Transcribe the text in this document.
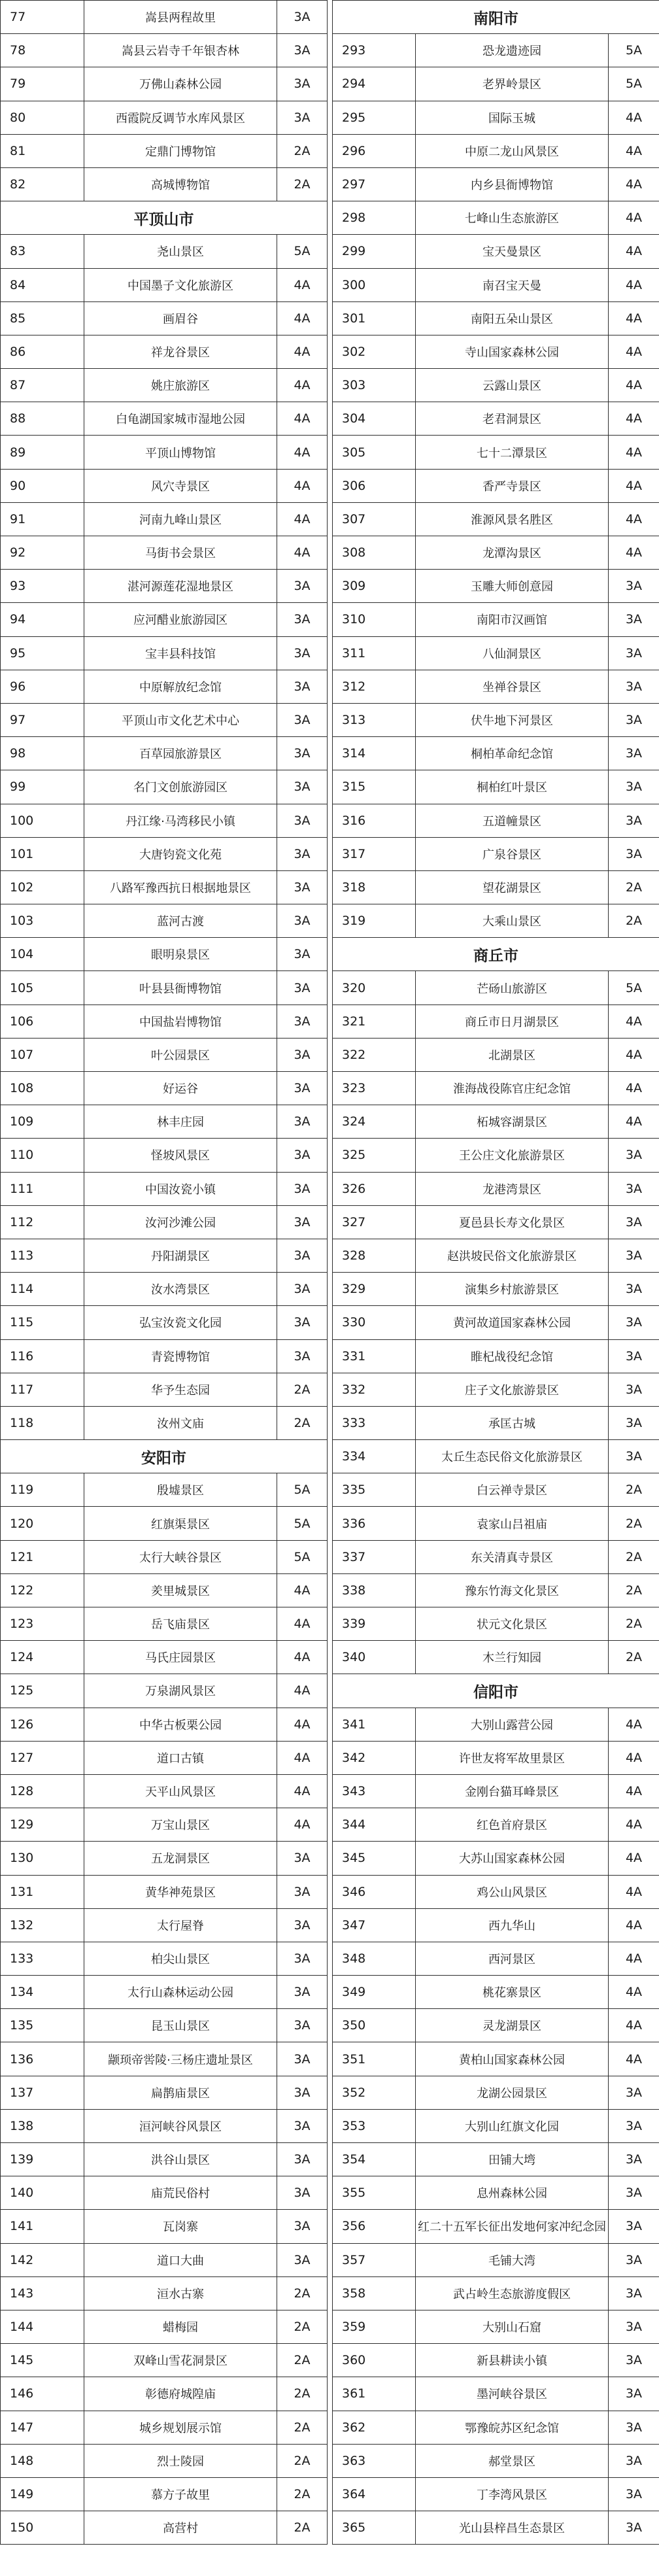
77	嵩县两程故里	3A		南阳市		
78	嵩县云岩寺千年银杏林	3A		293	恐龙遗迹园	5A
79	万佛山森林公园	3A		294	老界岭景区	5A
80	西霞院反调节水库风景区	3A		295	国际玉城	4A
81	定鼎门博物馆	2A		296	中原二龙山风景区	4A
82	高城博物馆	2A		297	内乡县衙博物馆	4A
平顶山市				298	七峰山生态旅游区	4A
83	尧山景区	5A		299	宝天曼景区	4A
84	中国墨子文化旅游区	4A		300	南召宝天曼	4A
85	画眉谷	4A		301	南阳五朵山景区	4A
86	祥龙谷景区	4A		302	寺山国家森林公园	4A
87	姚庄旅游区	4A		303	云露山景区	4A
88	白龟湖国家城市湿地公园	4A		304	老君洞景区	4A
89	平顶山博物馆	4A		305	七十二潭景区	4A
90	风穴寺景区	4A		306	香严寺景区	4A
91	河南九峰山景区	4A		307	淮源风景名胜区	4A
92	马街书会景区	4A		308	龙潭沟景区	4A
93	湛河源莲花湿地景区	3A		309	玉雕大师创意园	3A
94	应河醋业旅游园区	3A		310	南阳市汉画馆	3A
95	宝丰县科技馆	3A		311	八仙洞景区	3A
96	中原解放纪念馆	3A		312	坐禅谷景区	3A
97	平顶山市文化艺术中心	3A		313	伏牛地下河景区	3A
98	百草园旅游景区	3A		314	桐柏革命纪念馆	3A
99	名门文创旅游园区	3A		315	桐柏红叶景区	3A
100	丹江缘·马湾移民小镇	3A		316	五道幢景区	3A
101	大唐钧瓷文化苑	3A		317	广泉谷景区	3A
102	八路军豫西抗日根据地景区	3A		318	望花湖景区	2A
103	蓝河古渡	3A		319	大乘山景区	2A
104	眼明泉景区	3A		商丘市		
105	叶县县衙博物馆	3A		320	芒砀山旅游区	5A
106	中国盐岩博物馆	3A		321	商丘市日月湖景区	4A
107	叶公园景区	3A		322	北湖景区	4A
108	好运谷	3A		323	淮海战役陈官庄纪念馆	4A
109	林丰庄园	3A		324	柘城容湖景区	4A
110	怪坡风景区	3A		325	王公庄文化旅游景区	3A
111	中国汝瓷小镇	3A		326	龙港湾景区	3A
112	汝河沙滩公园	3A		327	夏邑县长寿文化景区	3A
113	丹阳湖景区	3A		328	赵洪坡民俗文化旅游景区	3A
114	汝水湾景区	3A		329	演集乡村旅游景区	3A
115	弘宝汝瓷文化园	3A		330	黄河故道国家森林公园	3A
116	青瓷博物馆	3A		331	睢杞战役纪念馆	3A
117	华予生态园	2A		332	庄子文化旅游景区	3A
118	汝州文庙	2A		333	承匡古城	3A
安阳市				334	太丘生态民俗文化旅游景区	3A
119	殷墟景区	5A		335	白云禅寺景区	2A
120	红旗渠景区	5A		336	袁家山吕祖庙	2A
121	太行大峡谷景区	5A		337	东关清真寺景区	2A
122	羑里城景区	4A		338	豫东竹海文化景区	2A
123	岳飞庙景区	4A		339	状元文化景区	2A
124	马氏庄园景区	4A		340	木兰行知园	2A
125	万泉湖风景区	4A		信阳市		
126	中华古板栗公园	4A		341	大别山露营公园	4A
127	道口古镇	4A		342	许世友将军故里景区	4A
128	天平山风景区	4A		343	金刚台猫耳峰景区	4A
129	万宝山景区	4A		344	红色首府景区	4A
130	五龙洞景区	3A		345	大苏山国家森林公园	4A
131	黄华神苑景区	3A		346	鸡公山风景区	4A
132	太行屋脊	3A		347	西九华山	4A
133	柏尖山景区	3A		348	西河景区	4A
134	太行山森林运动公园	3A		349	桃花寨景区	4A
135	昆玉山景区	3A		350	灵龙湖景区	4A
136	颛顼帝喾陵·三杨庄遗址景区	3A		351	黄柏山国家森林公园	4A
137	扁鹊庙景区	3A		352	龙湖公园景区	3A
138	洹河峡谷风景区	3A		353	大别山红旗文化园	3A
139	洪谷山景区	3A		354	田铺大塆	3A
140	庙荒民俗村	3A		355	息州森林公园	3A
141	瓦岗寨	3A		356	红二十五军长征出发地何家冲纪念园	3A
142	道口大曲	3A		357	毛铺大湾	3A
143	洹水古寨	2A		358	武占岭生态旅游度假区	3A
144	蜡梅园	2A		359	大别山石窟	3A
145	双峰山雪花洞景区	2A		360	新县耕读小镇	3A
146	彰德府城隍庙	2A		361	墨河峡谷景区	3A
147	城乡规划展示馆	2A		362	鄂豫皖苏区纪念馆	3A
148	烈士陵园	2A		363	郝堂景区	3A
149	慕方子故里	2A		364	丁李湾风景区	3A
150	高营村	2A		365	光山县梓昌生态景区	3A
